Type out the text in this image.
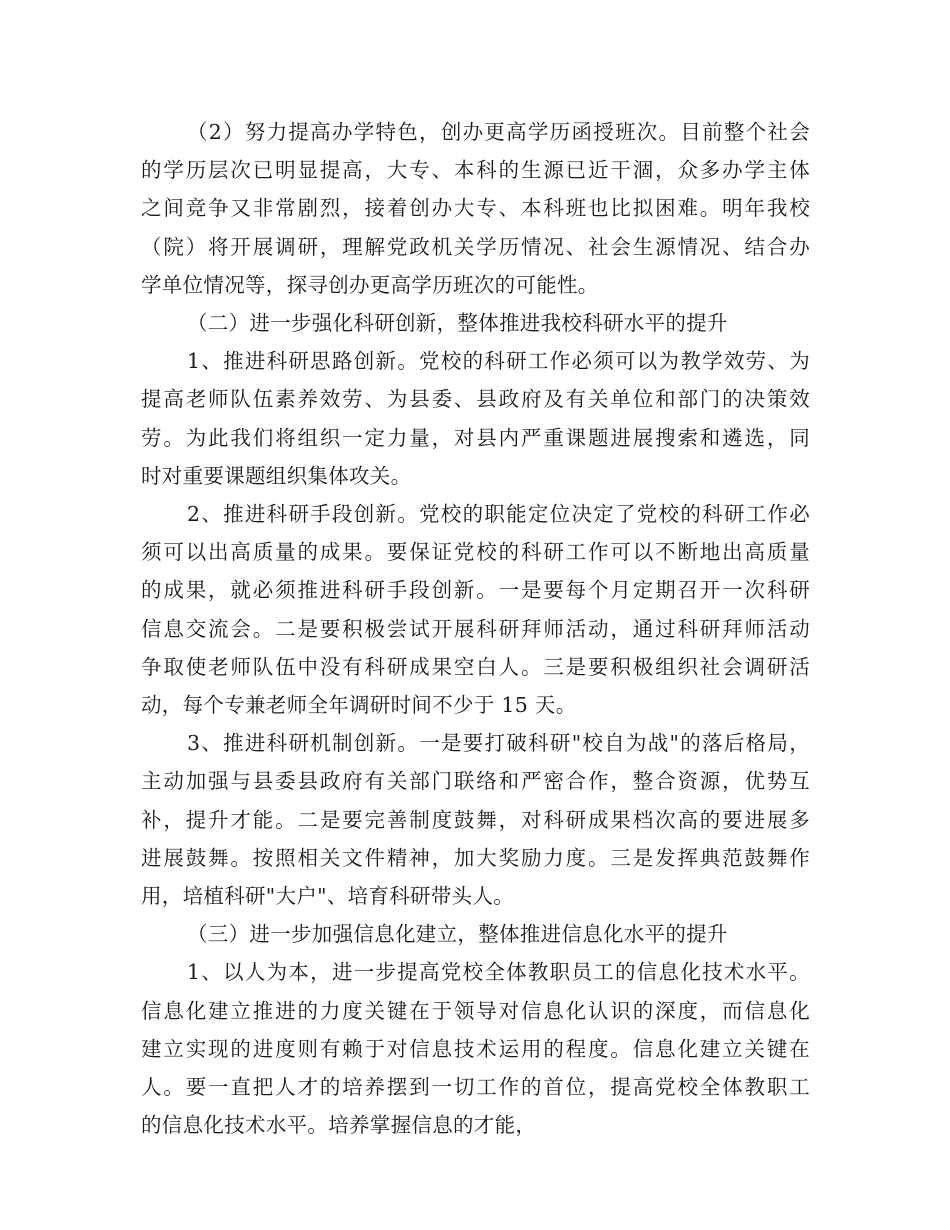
（2）努力提高办学特色，创办更高学历函授班次。目前整个社会
的学历层次已明显提高，大专、本科的生源已近干涸，众多办学主体
之间竞争又非常剧烈，接着创办大专、本科班也比拟困难。明年我校
（院）将开展调研，理解党政机关学历情况、社会生源情况、结合办
学单位情况等，探寻创办更高学历班次的可能性。
（二）进一步强化科研创新，整体推进我校科研水平的提升
1、推进科研思路创新。党校的科研工作必须可以为教学效劳、为
提高老师队伍素养效劳、为县委、县政府及有关单位和部门的决策效
劳。为此我们将组织一定力量，对县内严重课题进展搜索和遴选，同
时对重要课题组织集体攻关。
2、推进科研手段创新。党校的职能定位决定了党校的科研工作必
须可以出高质量的成果。要保证党校的科研工作可以不断地出高质量
的成果，就必须推进科研手段创新。一是要每个月定期召开一次科研
信息交流会。二是要积极尝试开展科研拜师活动，通过科研拜师活动
争取使老师队伍中没有科研成果空白人。三是要积极组织社会调研活
动，每个专兼老师全年调研时间不少于 15 天。
3、推进科研机制创新。一是要打破科研"校自为战"的落后格局，
主动加强与县委县政府有关部门联络和严密合作，整合资源，优势互
补，提升才能。二是要完善制度鼓舞，对科研成果档次高的要进展多
进展鼓舞。按照相关文件精神，加大奖励力度。三是发挥典范鼓舞作
用，培植科研"大户"、培育科研带头人。
（三）进一步加强信息化建立，整体推进信息化水平的提升
1、以人为本，进一步提高党校全体教职员工的信息化技术水平。
信息化建立推进的力度关键在于领导对信息化认识的深度，而信息化
建立实现的进度则有赖于对信息技术运用的程度。信息化建立关键在
人。要一直把人才的培养摆到一切工作的首位，提高党校全体教职工
的信息化技术水平。培养掌握信息的才能，
